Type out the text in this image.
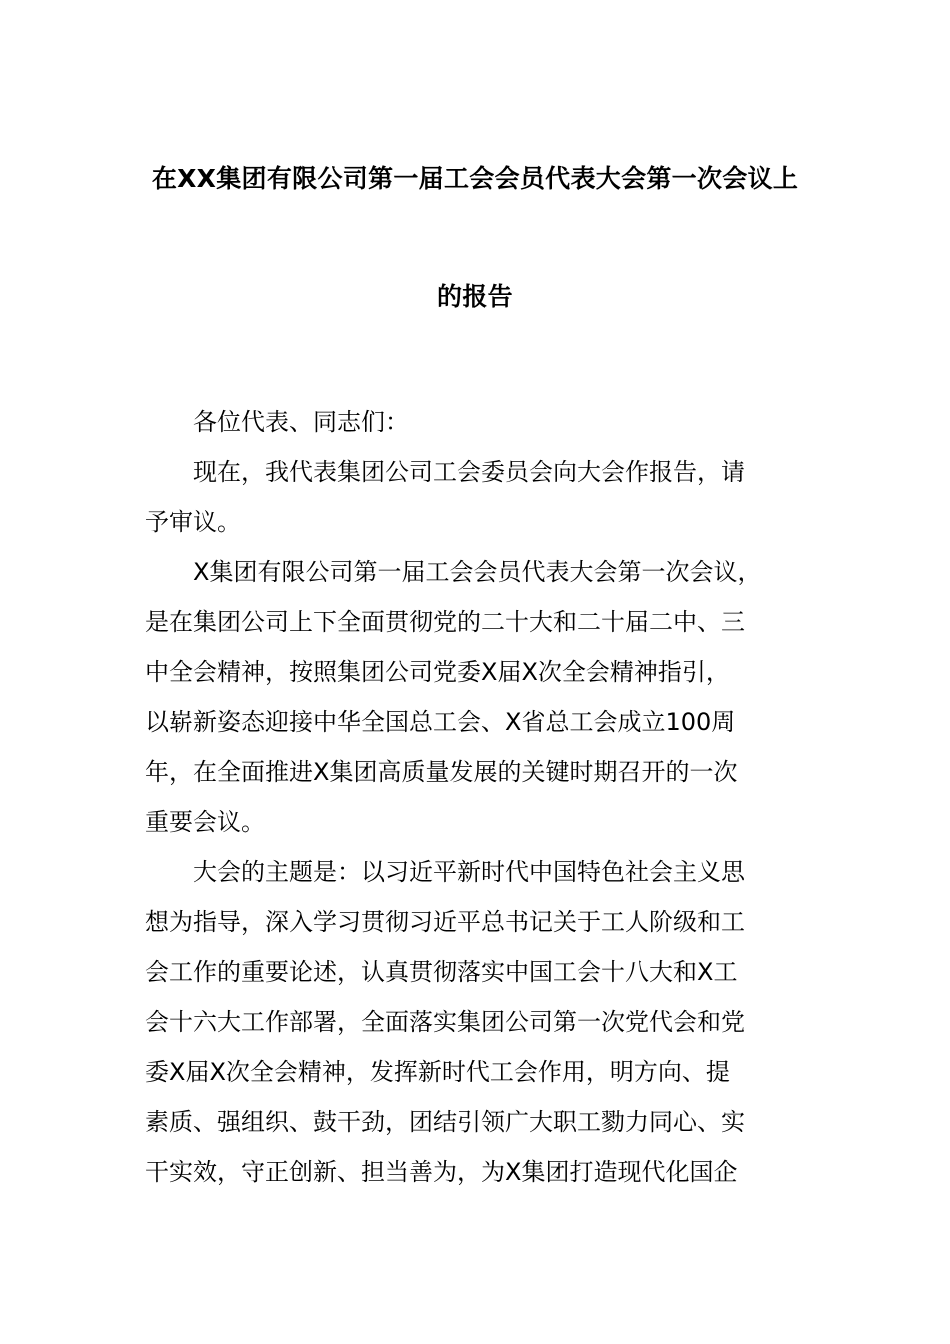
在XX集团有限公司第一届工会会员代表大会第一次会议上
的报告
各位代表、同志们：
现在，我代表集团公司工会委员会向大会作报告，请
予审议。
X集团有限公司第一届工会会员代表大会第一次会议，
是在集团公司上下全面贯彻党的二十大和二十届二中、三
中全会精神，按照集团公司党委X届X次全会精神指引，
以崭新姿态迎接中华全国总工会、X省总工会成立100周
年，在全面推进X集团高质量发展的关键时期召开的一次
重要会议。
大会的主题是：以习近平新时代中国特色社会主义思
想为指导，深入学习贯彻习近平总书记关于工人阶级和工
会工作的重要论述，认真贯彻落实中国工会十八大和X工
会十六大工作部署，全面落实集团公司第一次党代会和党
委X届X次全会精神，发挥新时代工会作用，明方向、提
素质、强组织、鼓干劲，团结引领广大职工勠力同心、实
干实效，守正创新、担当善为，为X集团打造现代化国企
